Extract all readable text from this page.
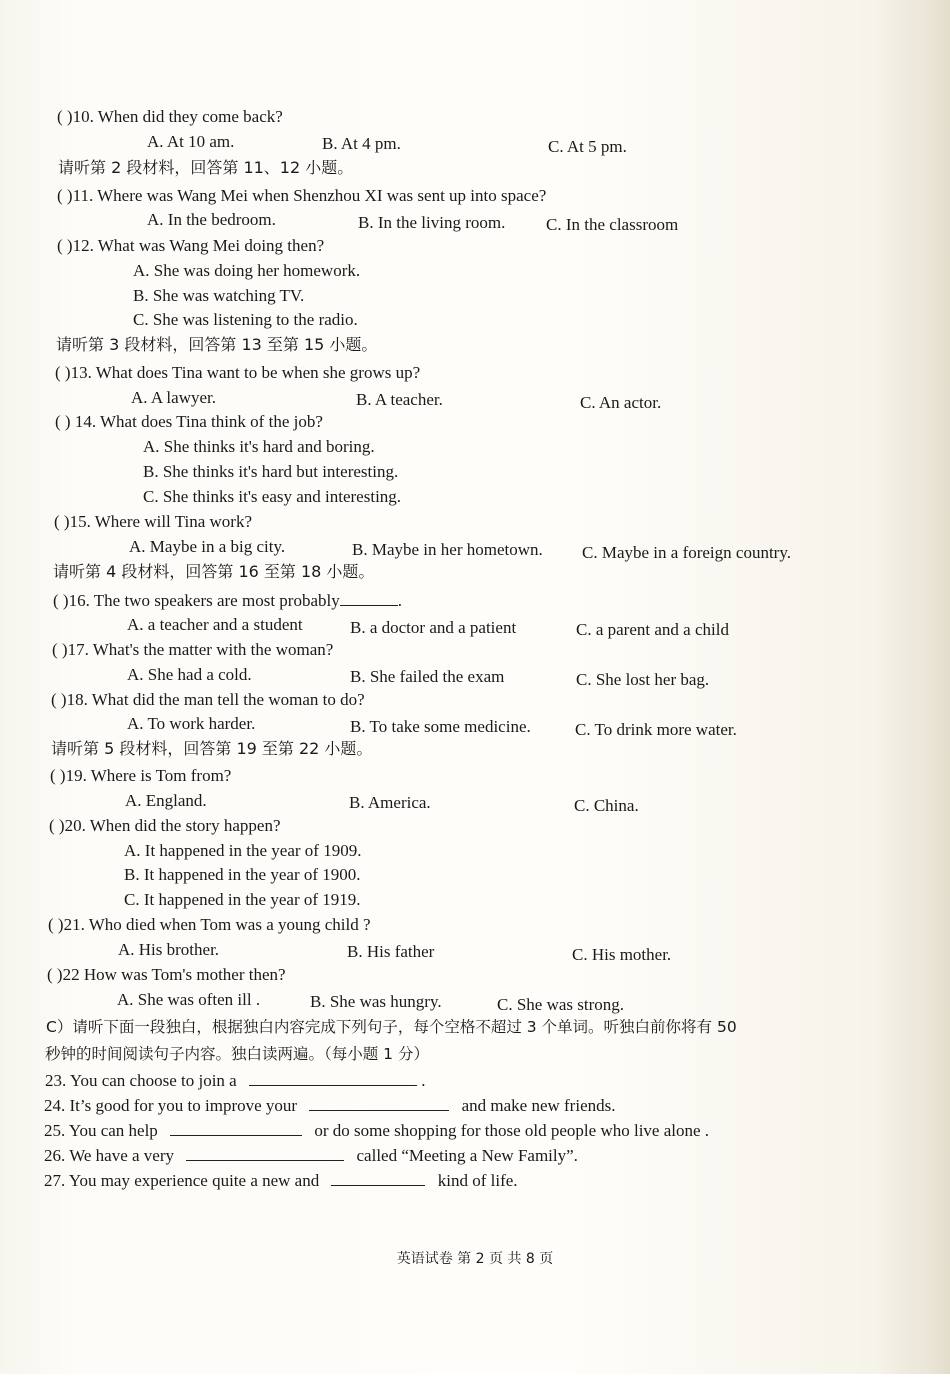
( )10. When did they come back?
A. At 10 am.	B. At 4 pm.	C. At 5 pm.
请听第 2 段材料，回答第 11、12 小题。
( )11. Where was Wang Mei when Shenzhou XI was sent up into space?
A. In the bedroom.	B. In the living room. C. In the classroom
( )12. What was Wang Mei doing then?
A. She was doing her homework.
B. She was watching TV.
C. She was listening to the radio.
请听第 3 段材料，回答第 13 至第 15 小题。
( )13. What does Tina want to be when she grows up?
A. A lawyer.	B. A teacher.	C. An actor.
( ) 14. What does Tina think of the job?
A. She thinks it's hard and boring.
B. She thinks it's hard but interesting.
C. She thinks it's easy and interesting.
( )15. Where will Tina work?
A. Maybe in a big city.	B. Maybe in her hometown. C. Maybe in a foreign country.
请听第 4 段材料，回答第 16 至第 18 小题。
( )16. The two speakers are most probably	.
A. a teacher and a student	B. a doctor and a patient	C. a parent and a child
( )17. What's the matter with the woman?
A. She had a cold.	B. She failed the exam	C. She lost her bag.
( )18. What did the man tell the woman to do?
A. To work harder.	B. To take some medicine.	C. To drink more water.
请听第 5 段材料，回答第 19 至第 22 小题。
( )19. Where is Tom from?
A. England.	B. America.	C. China.
( )20. When did the story happen?
A. It happened in the year of 1909.
B. It happened in the year of 1900.
C. It happened in the year of 1919.
( )21. Who died when Tom was a young child ?
A. His brother.	B. His father	C. His mother.
( )22 How was Tom's mother then?
A. She was often ill .	B. She was hungry.	C. She was strong.
C）请听下面一段独白，根据独白内容完成下列句子，每个空格不超过 3 个单词。听独白前你将有 50
秒钟的时间阅读句子内容。独白读两遍。（每小题 1 分）
23. You can choose to join a	.
24. It’s good for you to improve your	and make new friends.
25. You can help	or do some shopping for those old people who live alone .
26. We have a very	called “Meeting a New Family”.
27. You may experience quite a new and	kind of life.
英语试卷 第 2 页 共 8 页
